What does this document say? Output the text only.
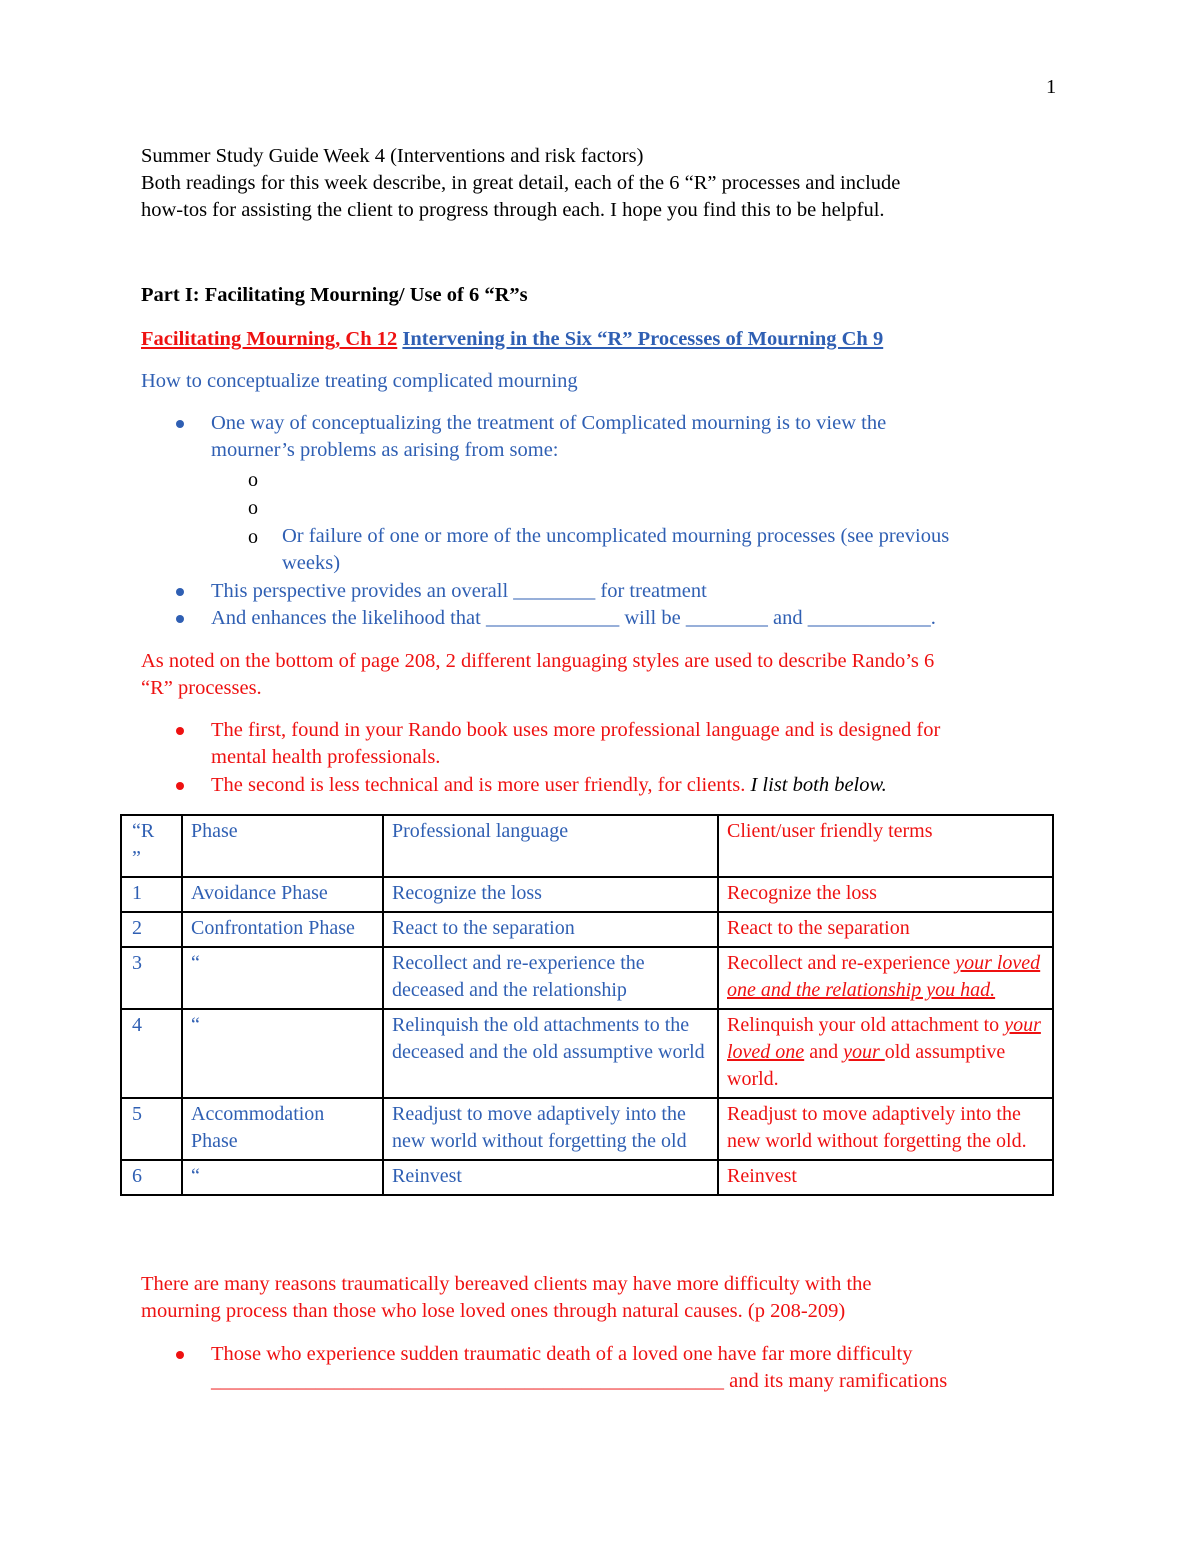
1
Summer Study Guide Week 4 (Interventions and risk factors)
Both readings for this week describe, in great detail, each of the 6 “R” processes and include
how-tos for assisting the client to progress through each. I hope you find this to be helpful.
Part I: Facilitating Mourning/ Use of 6 “R”s
Facilitating Mourning, Ch 12 Intervening in the Six “R” Processes of Mourning Ch 9
How to conceptualize treating complicated mourning
One way of conceptualizing the treatment of Complicated mourning is to view the
mourner’s problems as arising from some:
o
o
o Or failure of one or more of the uncomplicated mourning processes (see previous
weeks)
This perspective provides an overall ________ for treatment
And enhances the likelihood that _____________ will be ________ and ____________.
As noted on the bottom of page 208, 2 different languaging styles are used to describe Rando’s 6
“R” processes.
The first, found in your Rando book uses more professional language and is designed for
mental health professionals.
The second is less technical and is more user friendly, for clients. I list both below.
“R
”	Phase	Professional language	Client/user friendly terms
1	Avoidance Phase	Recognize the loss	Recognize the loss
2	Confrontation Phase	React to the separation	React to the separation
3	“	Recollect and re-experience the deceased and the relationship	Recollect and re-experience your loved one and the relationship you had.
4	“	Relinquish the old attachments to the deceased and the old assumptive world	Relinquish your old attachment to your loved one and your old assumptive world.
5	Accommodation Phase	Readjust to move adaptively into the new world without forgetting the old	Readjust to move adaptively into the new world without forgetting the old.
6	“	Reinvest	Reinvest
There are many reasons traumatically bereaved clients may have more difficulty with the
mourning process than those who lose loved ones through natural causes. (p 208-209)
Those who experience sudden traumatic death of a loved one have far more difficulty
______________________________________________________ and its many ramifications
